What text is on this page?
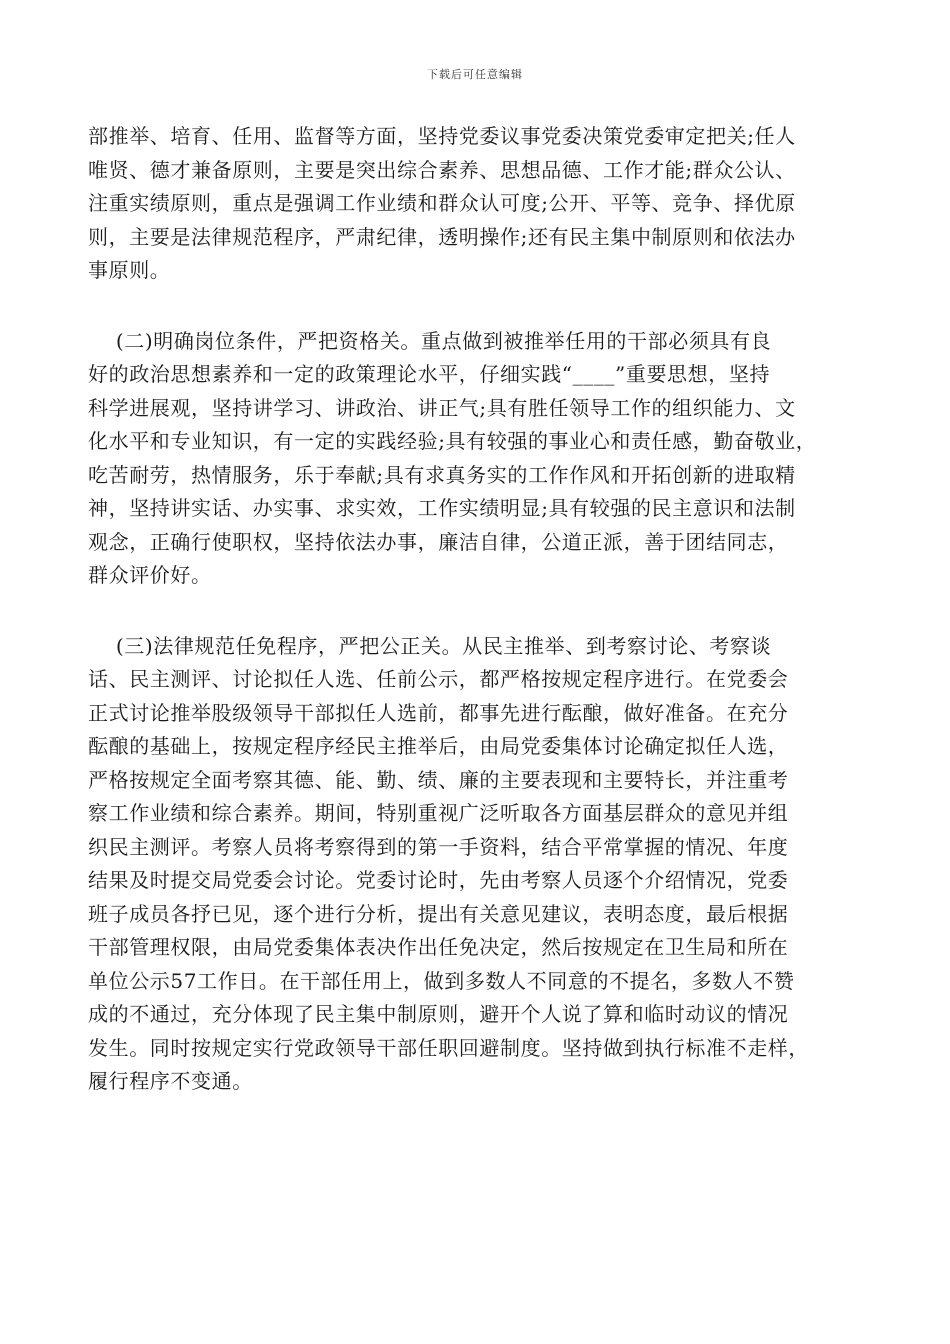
下载后可任意编辑

部推举、培育、任用、监督等方面，坚持党委议事党委决策党委审定把关;任人
唯贤、德才兼备原则，主要是突出综合素养、思想品德、工作才能;群众公认、
注重实绩原则，重点是强调工作业绩和群众认可度;公开、平等、竞争、择优原
则，主要是法律规范程序，严肃纪律，透明操作;还有民主集中制原则和依法办
事原则。

(二)明确岗位条件，严把资格关。重点做到被推举任用的干部必须具有良
好的政治思想素养和一定的政策理论水平，仔细实践“____”重要思想，坚持
科学进展观，坚持讲学习、讲政治、讲正气;具有胜任领导工作的组织能力、文
化水平和专业知识，有一定的实践经验;具有较强的事业心和责任感，勤奋敬业，
吃苦耐劳，热情服务，乐于奉献;具有求真务实的工作作风和开拓创新的进取精
神，坚持讲实话、办实事、求实效，工作实绩明显;具有较强的民主意识和法制
观念，正确行使职权，坚持依法办事，廉洁自律，公道正派，善于团结同志，
群众评价好。

(三)法律规范任免程序，严把公正关。从民主推举、到考察讨论、考察谈
话、民主测评、讨论拟任人选、任前公示，都严格按规定程序进行。在党委会
正式讨论推举股级领导干部拟任人选前，都事先进行酝酿，做好准备。在充分
酝酿的基础上，按规定程序经民主推举后，由局党委集体讨论确定拟任人选，
严格按规定全面考察其德、能、勤、绩、廉的主要表现和主要特长，并注重考
察工作业绩和综合素养。期间，特别重视广泛听取各方面基层群众的意见并组
织民主测评。考察人员将考察得到的第一手资料，结合平常掌握的情况、年度
结果及时提交局党委会讨论。党委讨论时，先由考察人员逐个介绍情况，党委
班子成员各抒已见，逐个进行分析，提出有关意见建议，表明态度，最后根据
干部管理权限，由局党委集体表决作出任免决定，然后按规定在卫生局和所在
单位公示57工作日。在干部任用上，做到多数人不同意的不提名，多数人不赞
成的不通过，充分体现了民主集中制原则，避开个人说了算和临时动议的情况
发生。同时按规定实行党政领导干部任职回避制度。坚持做到执行标准不走样，
履行程序不变通。
